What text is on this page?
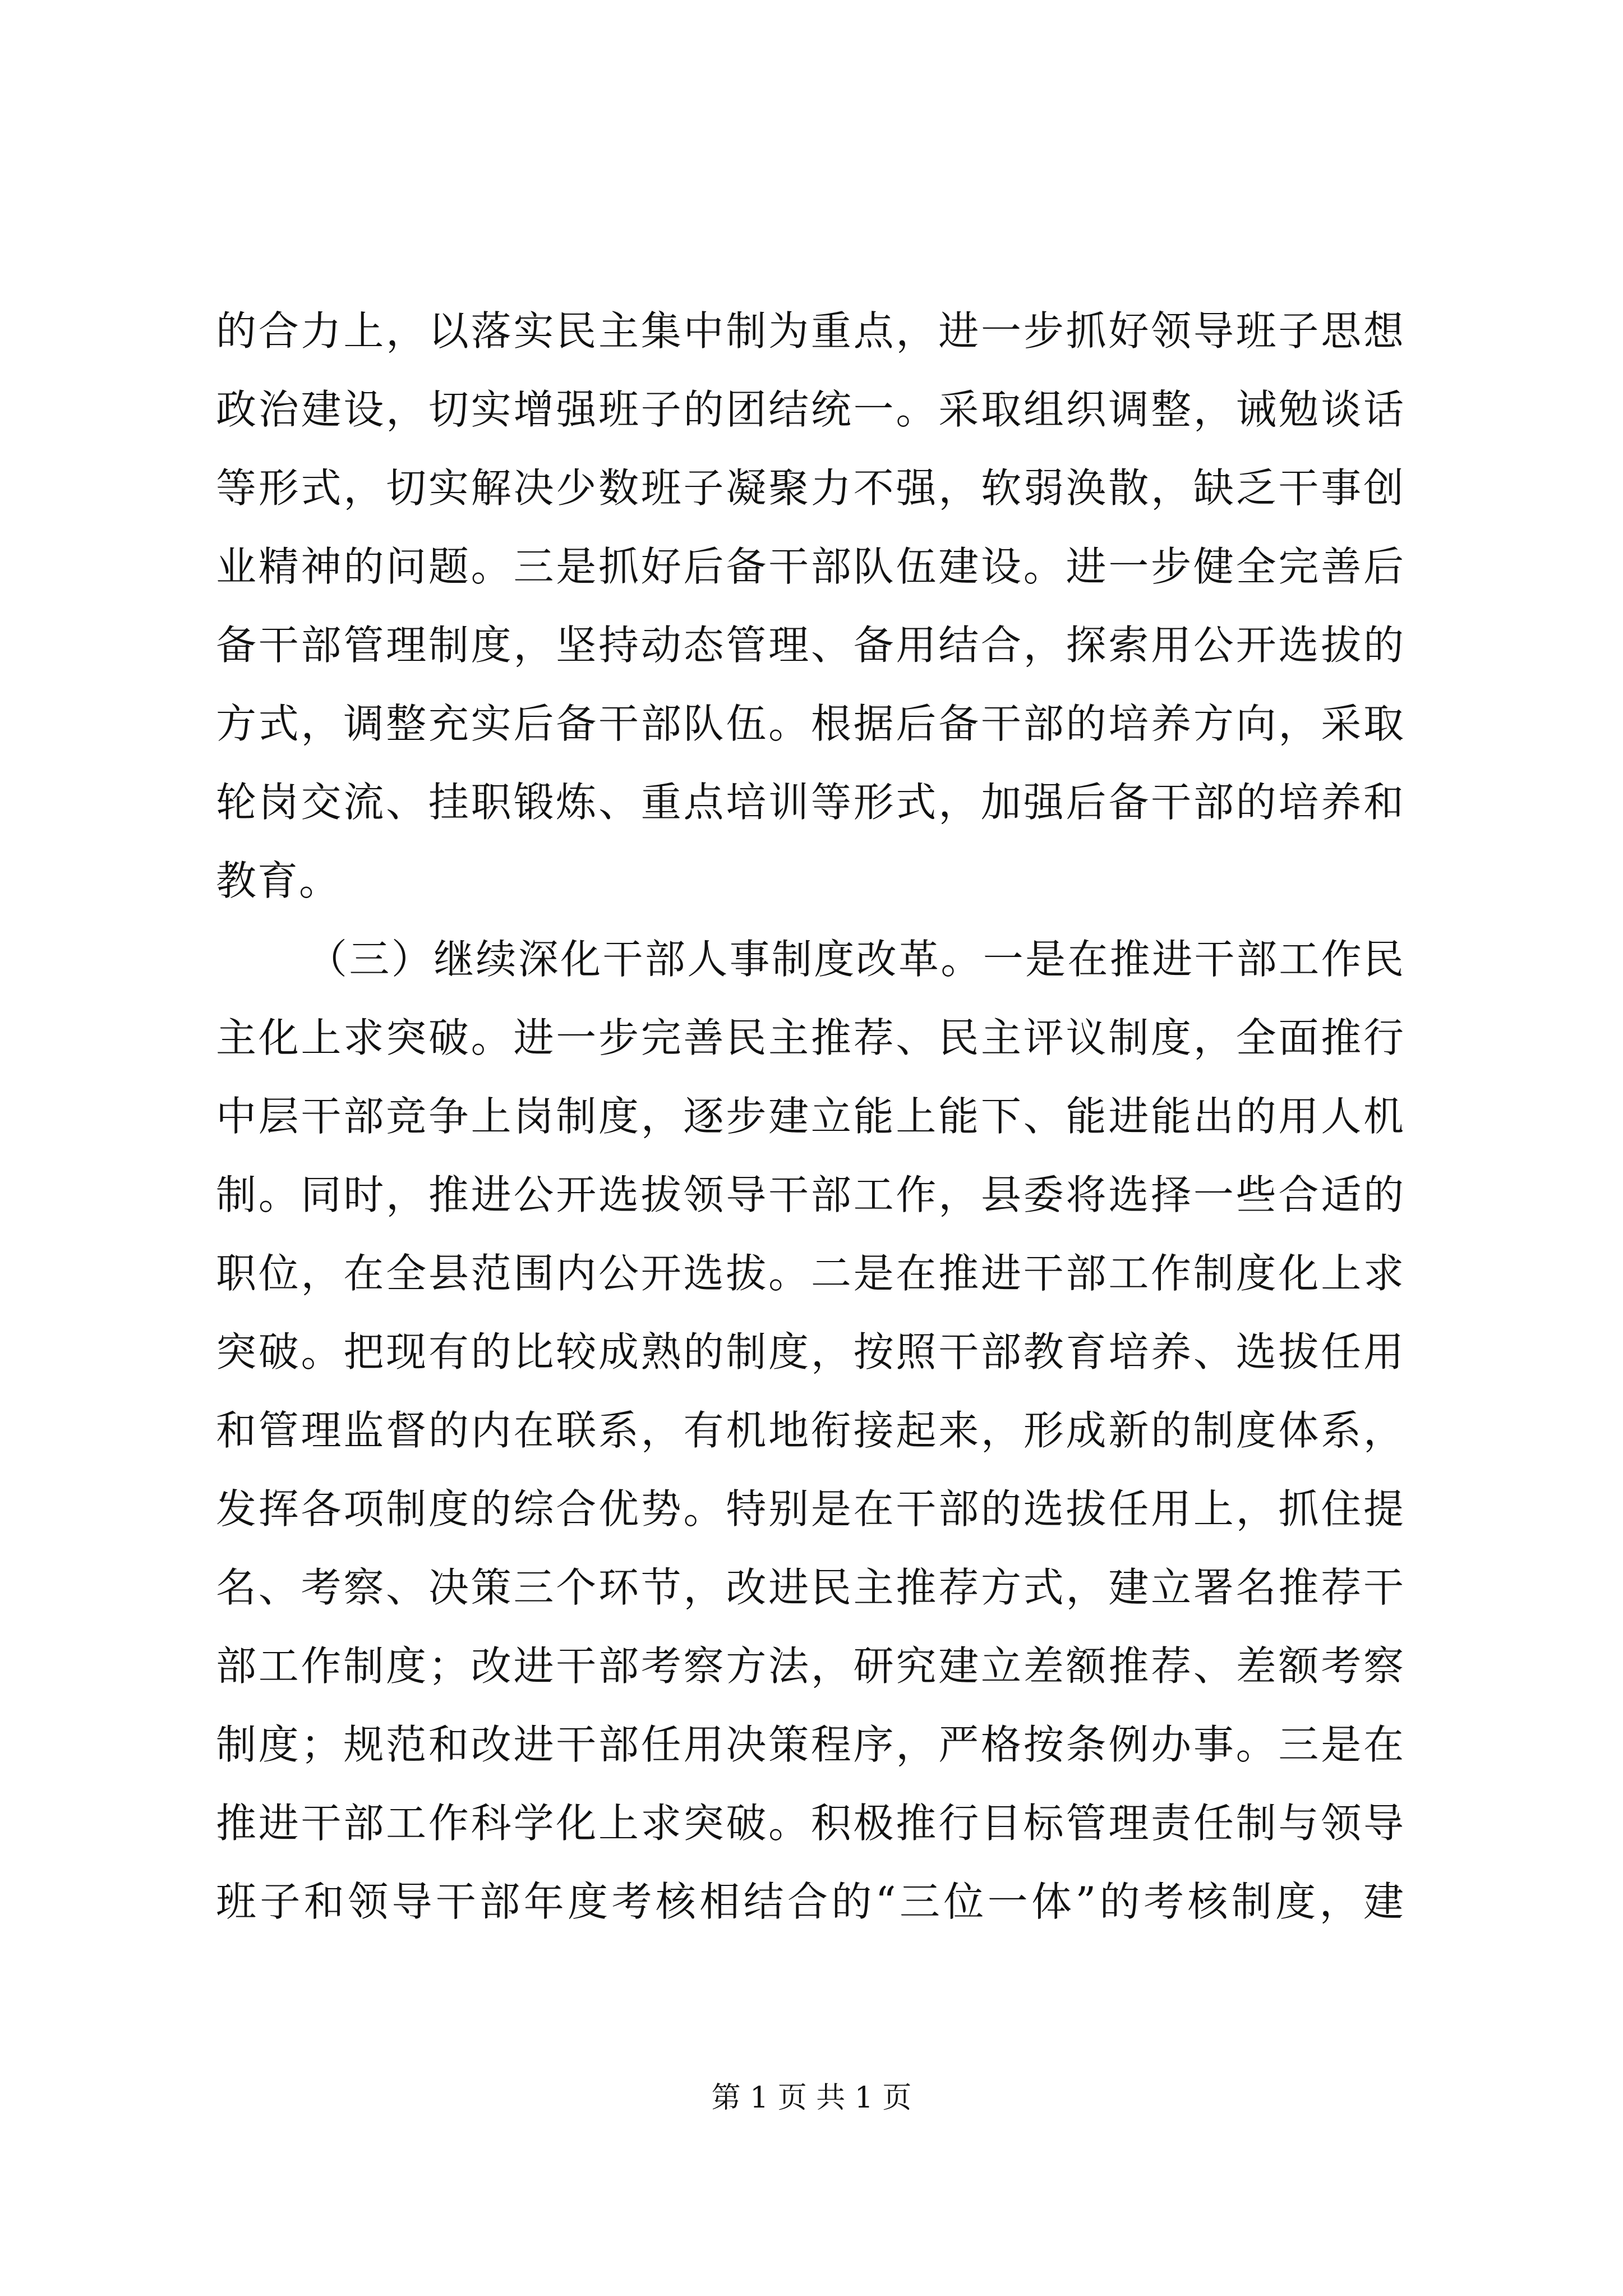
的合力上，以落实民主集中制为重点，进一步抓好领导班子思想
政治建设，切实增强班子的团结统一。采取组织调整，诫勉谈话
等形式，切实解决少数班子凝聚力不强，软弱涣散，缺乏干事创
业精神的问题。三是抓好后备干部队伍建设。进一步健全完善后
备干部管理制度，坚持动态管理、备用结合，探索用公开选拔的
方式，调整充实后备干部队伍。根据后备干部的培养方向，采取
轮岗交流、挂职锻炼、重点培训等形式，加强后备干部的培养和
教育。
（三）继续深化干部人事制度改革。一是在推进干部工作民
主化上求突破。进一步完善民主推荐、民主评议制度，全面推行
中层干部竞争上岗制度，逐步建立能上能下、能进能出的用人机
制。同时，推进公开选拔领导干部工作，县委将选择一些合适的
职位，在全县范围内公开选拔。二是在推进干部工作制度化上求
突破。把现有的比较成熟的制度，按照干部教育培养、选拔任用
和管理监督的内在联系，有机地衔接起来，形成新的制度体系，
发挥各项制度的综合优势。特别是在干部的选拔任用上，抓住提
名、考察、决策三个环节，改进民主推荐方式，建立署名推荐干
部工作制度；改进干部考察方法，研究建立差额推荐、差额考察
制度；规范和改进干部任用决策程序，严格按条例办事。三是在
推进干部工作科学化上求突破。积极推行目标管理责任制与领导
班子和领导干部年度考核相结合的“三位一体”的考核制度，建
第 1 页 共 1 页
